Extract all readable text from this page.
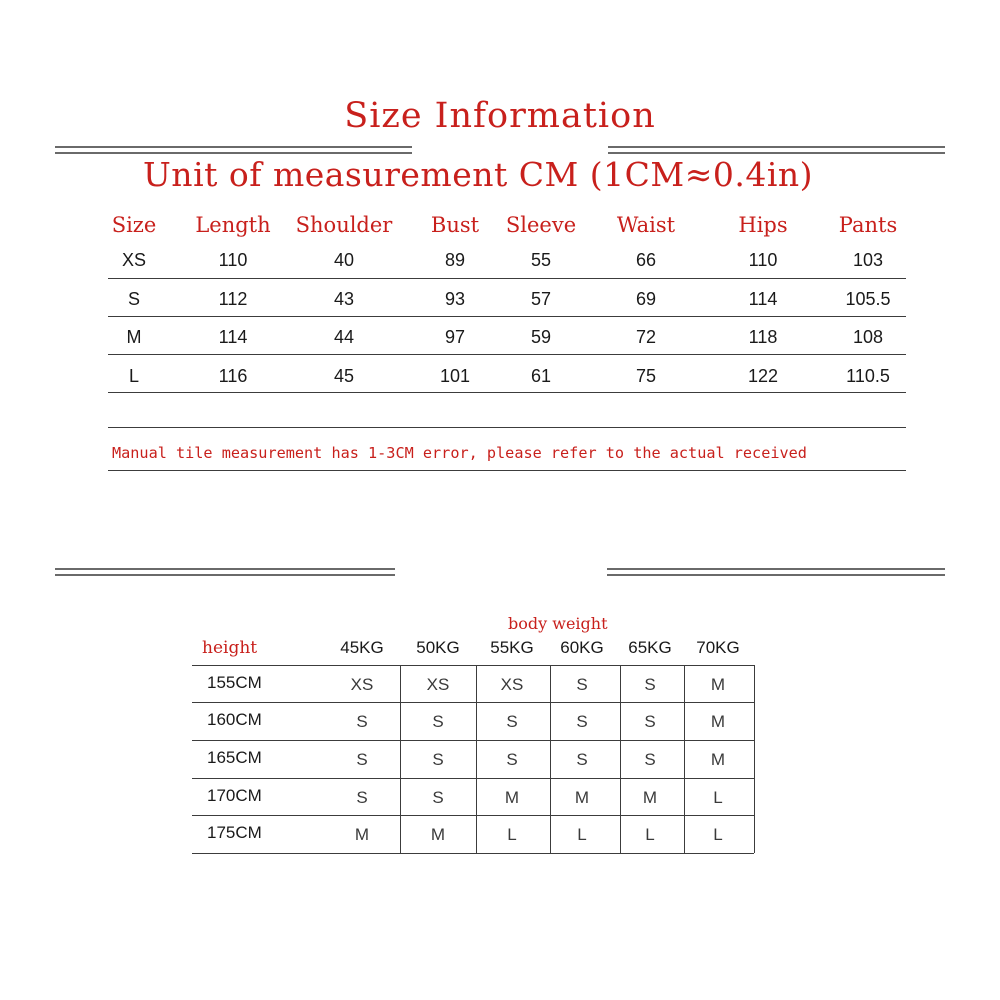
Size Information
Unit of measurement CM (1CM≈0.4in)
Size Length Shoulder Bust Sleeve Waist	Hips Pants
XS	110	40	89	55	66	110	103
S	112	43	93	57	69	114	105.5
M	114	44	97	59	72	118	108
L	116	45	101	61	75	122	110.5
Manual tile measurement has 1-3CM error, please refer to the actual received
body weight
height	45KG 50KG 55KG 60KG 65KG 70KG
155CM	XS	XS	XS	S	S	M
160CM	S	S	S	S	S	M
165CM	S	S	S	S	S	M
170CM	S	S	M	M	M	L
175CM	M	M	L	L	L	L
